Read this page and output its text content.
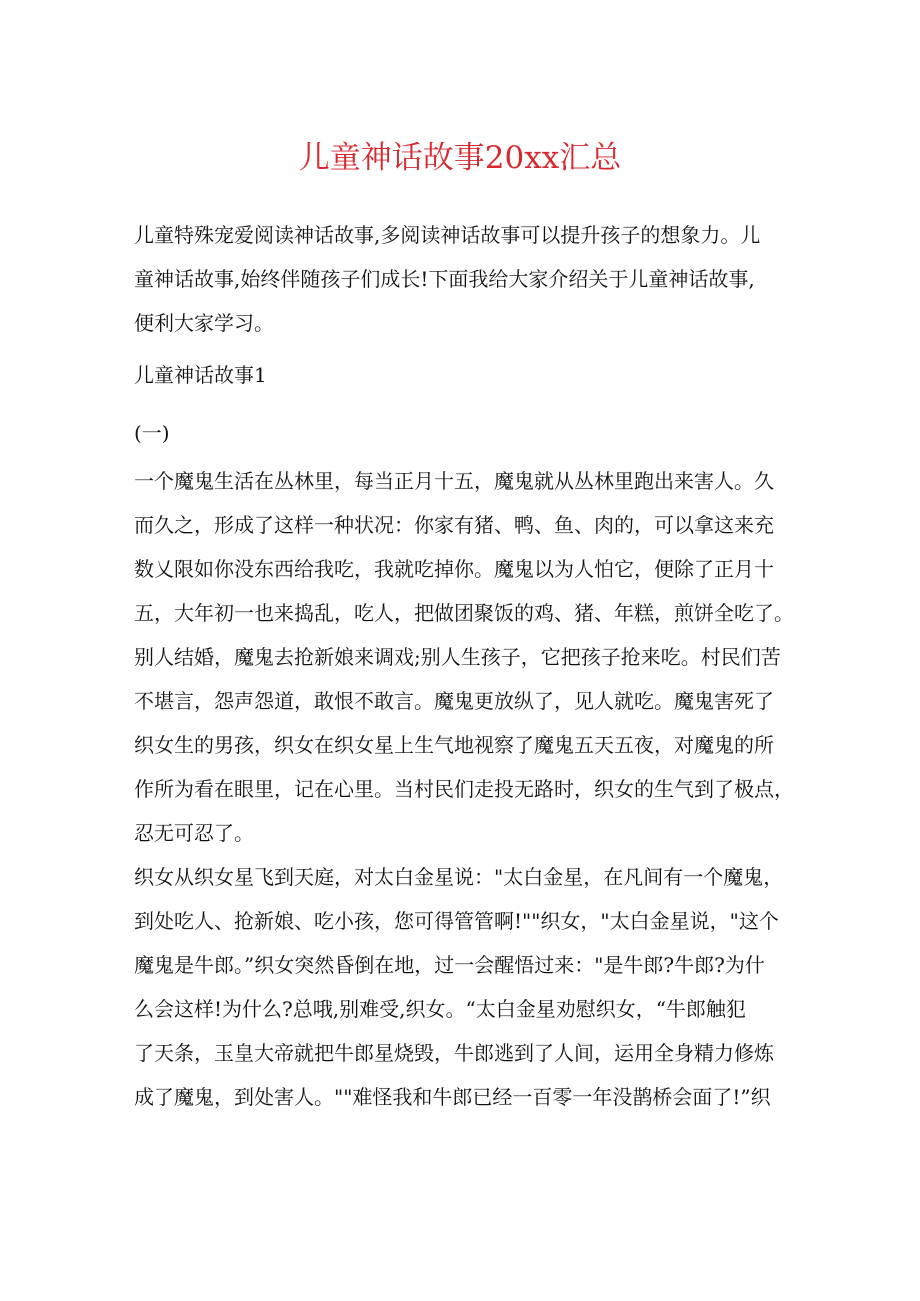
儿童神话故事20xx汇总

儿童特殊宠爱阅读神话故事,多阅读神话故事可以提升孩子的想象力。儿

童神话故事,始终伴随孩子们成长!下面我给大家介绍关于儿童神话故事,

便利大家学习。

儿童神话故事1

(一)

一个魔鬼生活在丛林里，每当正月十五，魔鬼就从丛林里跑出来害人。久

而久之，形成了这样一种状况：你家有猪、鸭、鱼、肉的，可以拿这来充

数乂限如你没东西给我吃，我就吃掉你。魔鬼以为人怕它，便除了正月十

五，大年初一也来捣乱，吃人，把做团聚饭的鸡、猪、年糕，煎饼全吃了。

别人结婚，魔鬼去抢新娘来调戏;别人生孩子，它把孩子抢来吃。村民们苦

不堪言，怨声怨道，敢恨不敢言。魔鬼更放纵了，见人就吃。魔鬼害死了

织女生的男孩，织女在织女星上生气地视察了魔鬼五天五夜，对魔鬼的所

作所为看在眼里，记在心里。当村民们走投无路时，织女的生气到了极点，

忍无可忍了。

织女从织女星飞到天庭，对太白金星说："太白金星，在凡间有一个魔鬼，

到处吃人、抢新娘、吃小孩，您可得管管啊!""织女，"太白金星说，"这个

魔鬼是牛郎。”织女突然昏倒在地，过一会醒悟过来："是牛郎?牛郎?为什

么会这样!为什么?总哦,别难受,织女。“太白金星劝慰织女，“牛郎触犯

了天条，玉皇大帝就把牛郎星烧毁，牛郎逃到了人间，运用全身精力修炼

成了魔鬼，到处害人。""难怪我和牛郎已经一百零一年没鹊桥会面了!”织
